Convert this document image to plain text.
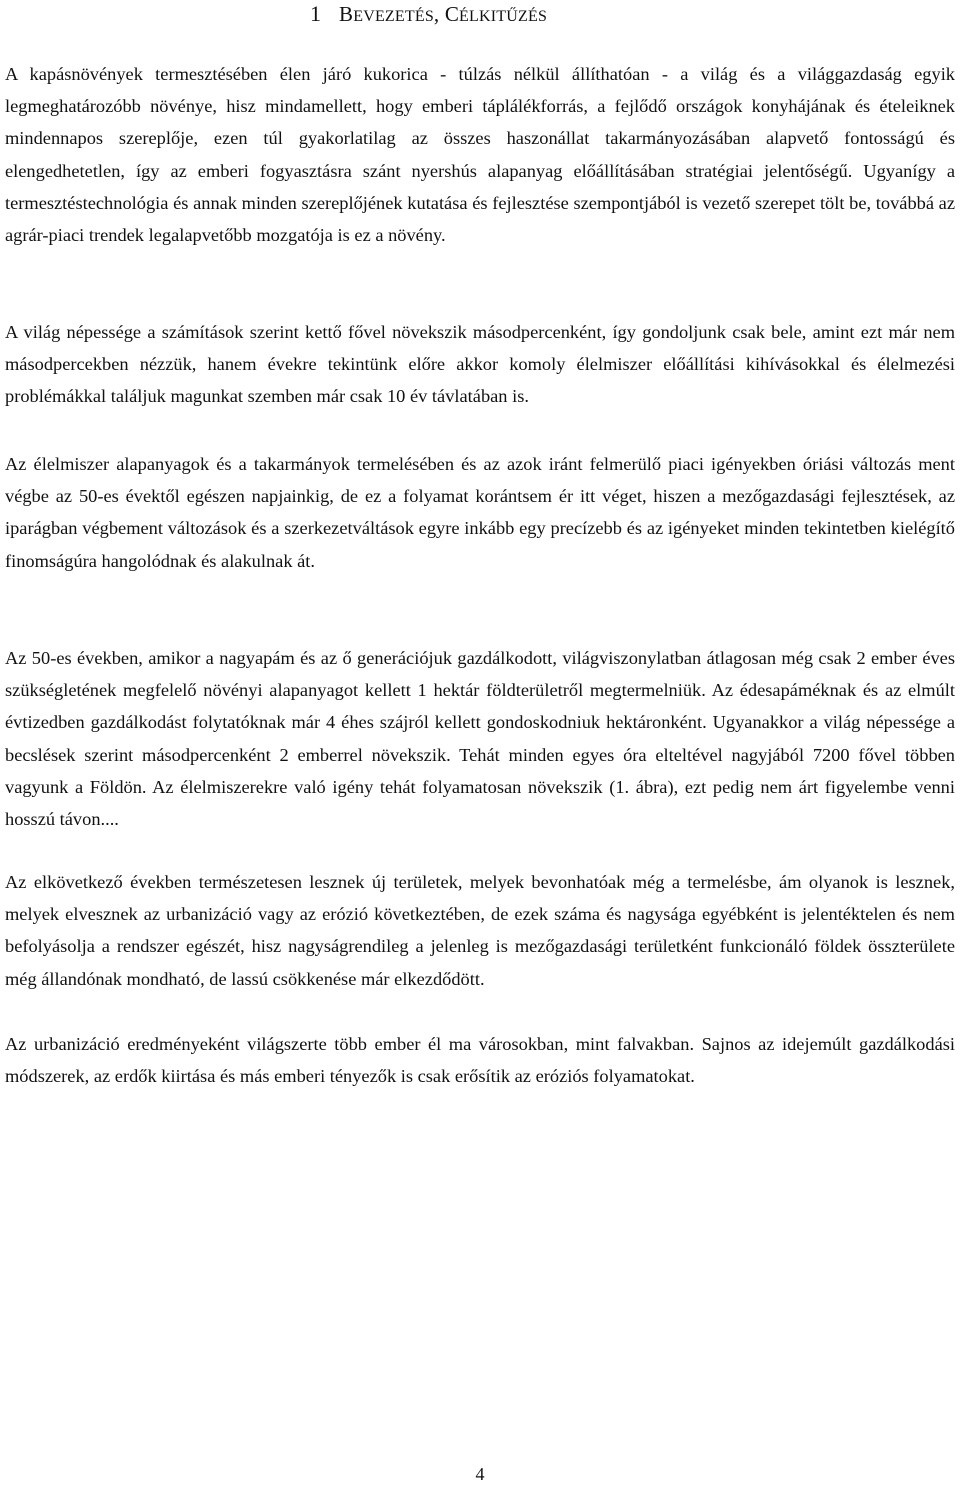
1 BEVEZETÉS, CÉLKITŰZÉS

A kapásnövények termesztésében élen járó kukorica - túlzás nélkül állíthatóan - a világ és a világgazdaság egyik legmeghatározóbb növénye, hisz mindamellett, hogy emberi táplálékforrás, a fejlődő országok konyhájának és ételeiknek mindennapos szereplője, ezen túl gyakorlatilag az összes haszonállat takarmányozásában alapvető fontosságú és elengedhetetlen, így az emberi fogyasztásra szánt nyershús alapanyag előállításában stratégiai jelentőségű. Ugyanígy a termesztéstechnológia és annak minden szereplőjének kutatása és fejlesztése szempontjából is vezető szerepet tölt be, továbbá az agrár-piaci trendek legalapvetőbb mozgatója is ez a növény.

A világ népessége a számítások szerint kettő fővel növekszik másodpercenként, így gondoljunk csak bele, amint ezt már nem másodpercekben nézzük, hanem évekre tekintünk előre akkor komoly élelmiszer előállítási kihívásokkal és élelmezési problémákkal találjuk magunkat szemben már csak 10 év távlatában is.

Az élelmiszer alapanyagok és a takarmányok termelésében és az azok iránt felmerülő piaci igényekben óriási változás ment végbe az 50-es évektől egészen napjainkig, de ez a folyamat korántsem ér itt véget, hiszen a mezőgazdasági fejlesztések, az iparágban végbement változások és a szerkezetváltások egyre inkább egy precízebb és az igényeket minden tekintetben kielégítő finomságúra hangolódnak és alakulnak át.

Az 50-es években, amikor a nagyapám és az ő generációjuk gazdálkodott, világviszonylatban átlagosan még csak 2 ember éves szükségletének megfelelő növényi alapanyagot kellett 1 hektár földterületről megtermelniük. Az édesapáméknak és az elmúlt évtizedben gazdálkodást folytatóknak már 4 éhes szájról kellett gondoskodniuk hektáronként. Ugyanakkor a világ népessége a becslések szerint másodpercenként 2 emberrel növekszik. Tehát minden egyes óra elteltével nagyjából 7200 fővel többen vagyunk a Földön. Az élelmiszerekre való igény tehát folyamatosan növekszik (1. ábra), ezt pedig nem árt figyelembe venni hosszú távon....

Az elkövetkező években természetesen lesznek új területek, melyek bevonhatóak még a termelésbe, ám olyanok is lesznek, melyek elvesznek az urbanizáció vagy az erózió következtében, de ezek száma és nagysága egyébként is jelentéktelen és nem befolyásolja a rendszer egészét, hisz nagyságrendileg a jelenleg is mezőgazdasági területként funkcionáló földek összterülete még állandónak mondható, de lassú csökkenése már elkezdődött.

Az urbanizáció eredményeként világszerte több ember él ma városokban, mint falvakban. Sajnos az idejemúlt gazdálkodási módszerek, az erdők kiirtása és más emberi tényezők is csak erősítik az eróziós folyamatokat.

4
